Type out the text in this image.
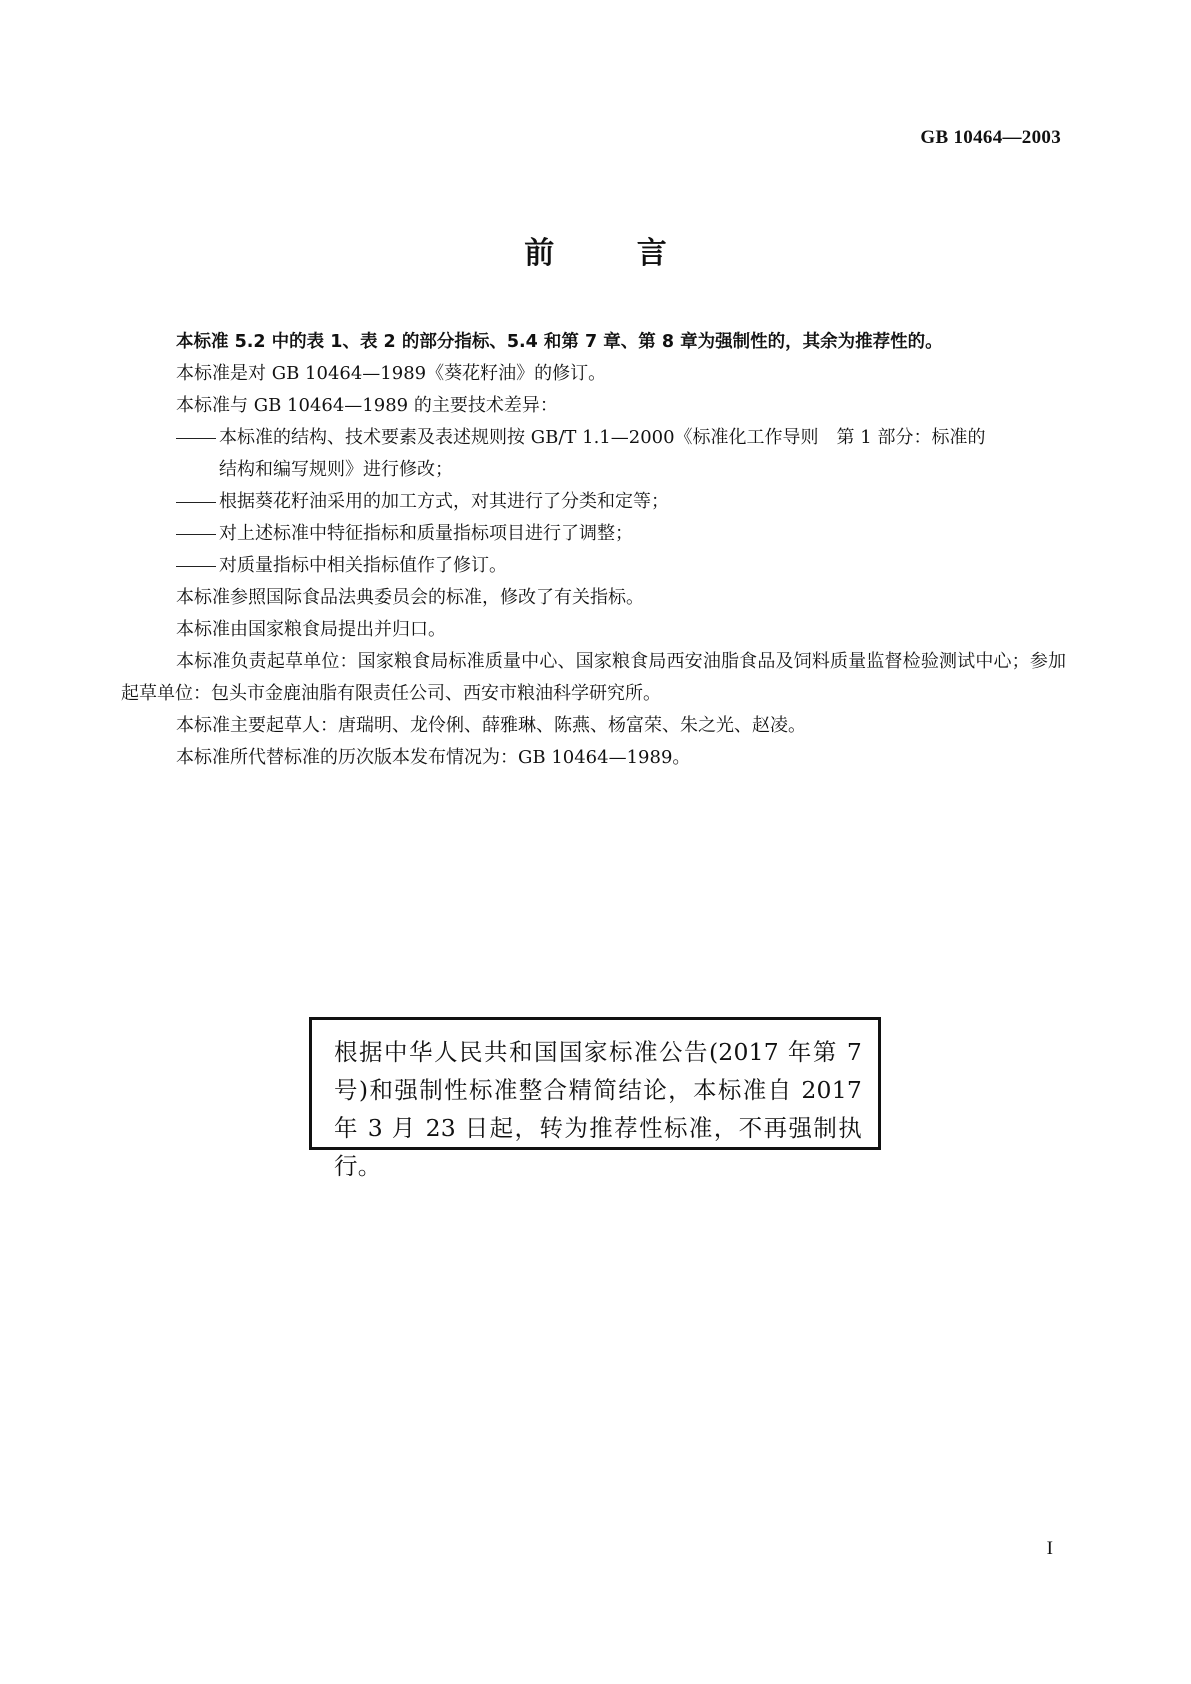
GB 10464—2003
前 言

本标准 5.2 中的表 1、表 2 的部分指标、5.4 和第 7 章、第 8 章为强制性的，其余为推荐性的。

本标准是对 GB 10464—1989《葵花籽油》的修订。

本标准与 GB 10464—1989 的主要技术差异：

本标准的结构、技术要素及表述规则按 GB/T 1.1—2000《标准化工作导则　第 1 部分：标准的
结构和编写规则》进行修改；

根据葵花籽油采用的加工方式，对其进行了分类和定等；

对上述标准中特征指标和质量指标项目进行了调整；

对质量指标中相关指标值作了修订。

本标准参照国际食品法典委员会的标准，修改了有关指标。

本标准由国家粮食局提出并归口。

本标准负责起草单位：国家粮食局标准质量中心、国家粮食局西安油脂食品及饲料质量监督检验测试中心；参加起草单位：包头市金鹿油脂有限责任公司、西安市粮油科学研究所。

本标准主要起草人：唐瑞明、龙伶俐、薛雅琳、陈燕、杨富荣、朱之光、赵凌。

本标准所代替标准的历次版本发布情况为：GB 10464—1989。

根据中华人民共和国国家标准公告(2017 年第 7 号)和强制性标准整合精简结论，本标准自 2017 年 3 月 23 日起，转为推荐性标准，不再强制执行。
I
